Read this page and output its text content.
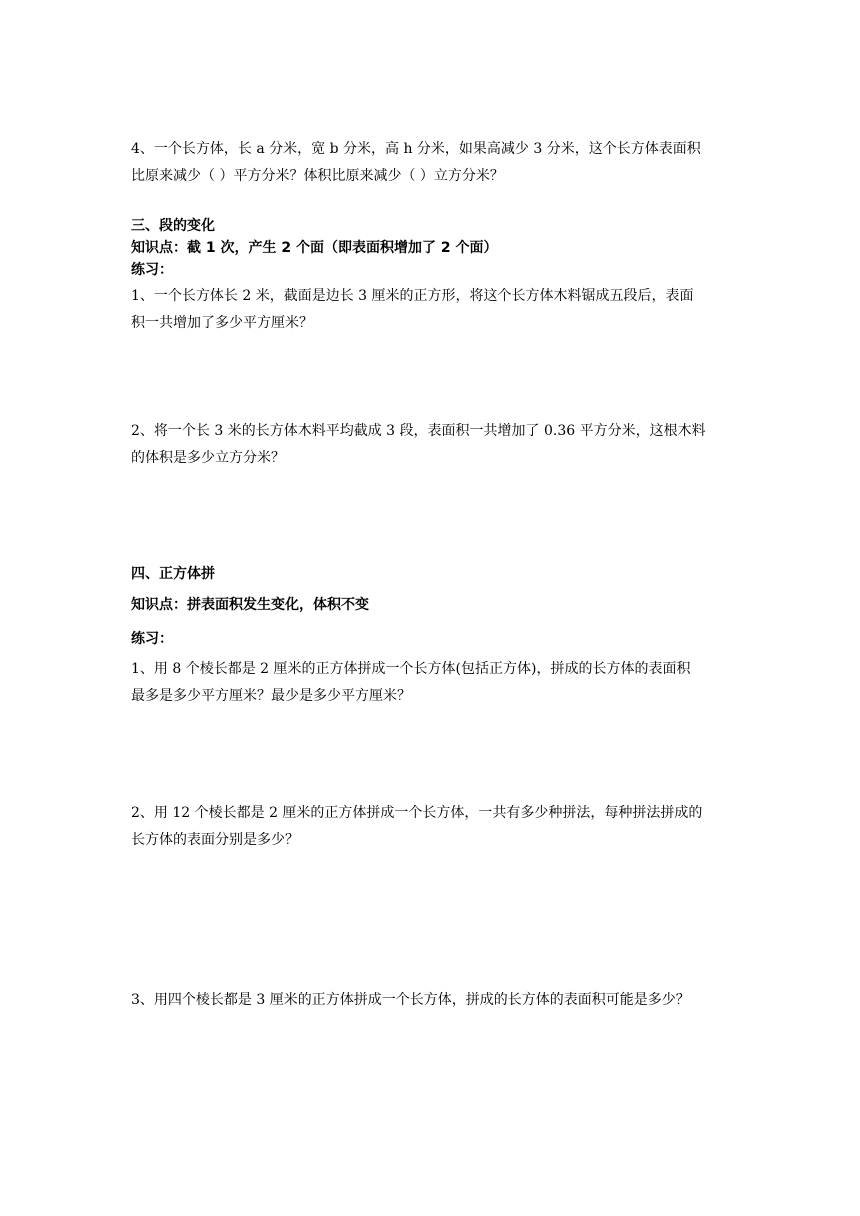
4、一个长方体，长 a 分米，宽 b 分米，高 h 分米，如果高减少 3 分米，这个长方体表面积
比原来减少（ ）平方分米？体积比原来减少（ ）立方分米？
三、段的变化
知识点：截 1 次，产生 2 个面（即表面积增加了 2 个面）
练习：
1、一个长方体长 2 米，截面是边长 3 厘米的正方形，将这个长方体木料锯成五段后，表面
积一共增加了多少平方厘米？
2、将一个长 3 米的长方体木料平均截成 3 段，表面积一共增加了 0.36 平方分米，这根木料
的体积是多少立方分米？
四、正方体拼
知识点：拼表面积发生变化，体积不变
练习：
1、用 8 个棱长都是 2 厘米的正方体拼成一个长方体(包括正方体)，拼成的长方体的表面积
最多是多少平方厘米？最少是多少平方厘米？
2、用 12 个棱长都是 2 厘米的正方体拼成一个长方体，一共有多少种拼法，每种拼法拼成的
长方体的表面分别是多少？
3、用四个棱长都是 3 厘米的正方体拼成一个长方体，拼成的长方体的表面积可能是多少？
